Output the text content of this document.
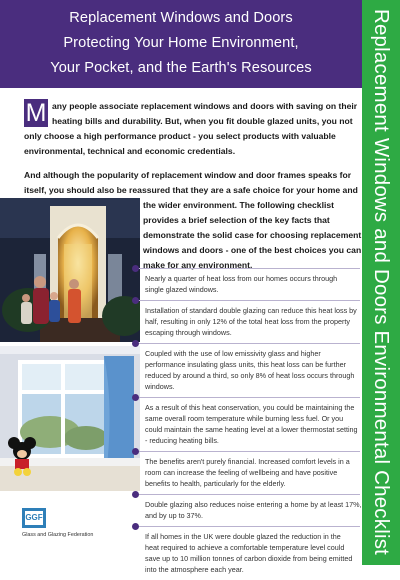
Replacement Windows and Doors
Protecting Your Home Environment,
Your Pocket, and the Earth's Resources	Replacement Windows and Doors Environmental Checklist
M any people associate replacement windows and doors with saving on their
heating bills and durability. But, when you fit double glazed units, you not
only choose a high performance product - you select products with valuable
environmental, technical and economic credentials.
And although the popularity of replacement window and door frames speaks for
itself, you should also be reassured that they are a safe choice for your home and
the wider environment. The following checklist
provides a brief selection of the key facts that
demonstrate the solid case for choosing replacement
windows and doors - one of the best choices you can
make for any environment.
Nearly a quarter of heat loss from our homes occurs through
single glazed windows.
Installation of standard double glazing can reduce this heat loss by
half, resulting in only 12% of the total heat loss from the property
escaping through windows.
Coupled with the use of low emissivity glass and higher
performance insulating glass units, this heat loss can be further
reduced by around a third, so only 8% of heat loss occurs through
windows.
As a result of this heat conservation, you could be maintaining the
same overall room temperature while burning less fuel. Or you
could maintain the same heating level at a lower thermostat setting
- reducing heating bills.
The benefits aren't purely financial. Increased comfort levels in a
room can increase the feeling of wellbeing and have positive
benefits to health, particularly for the elderly.
Double glazing also reduces noise entering a home by at least 17%,
and by up to 37%.
If all homes in the UK were double glazed the reduction in the
heat required to achieve a comfortable temperature level could
save up to 10 million tonnes of carbon dioxide from being emitted
into the atmosphere each year.
GGF
Glass and Glazing Federation
